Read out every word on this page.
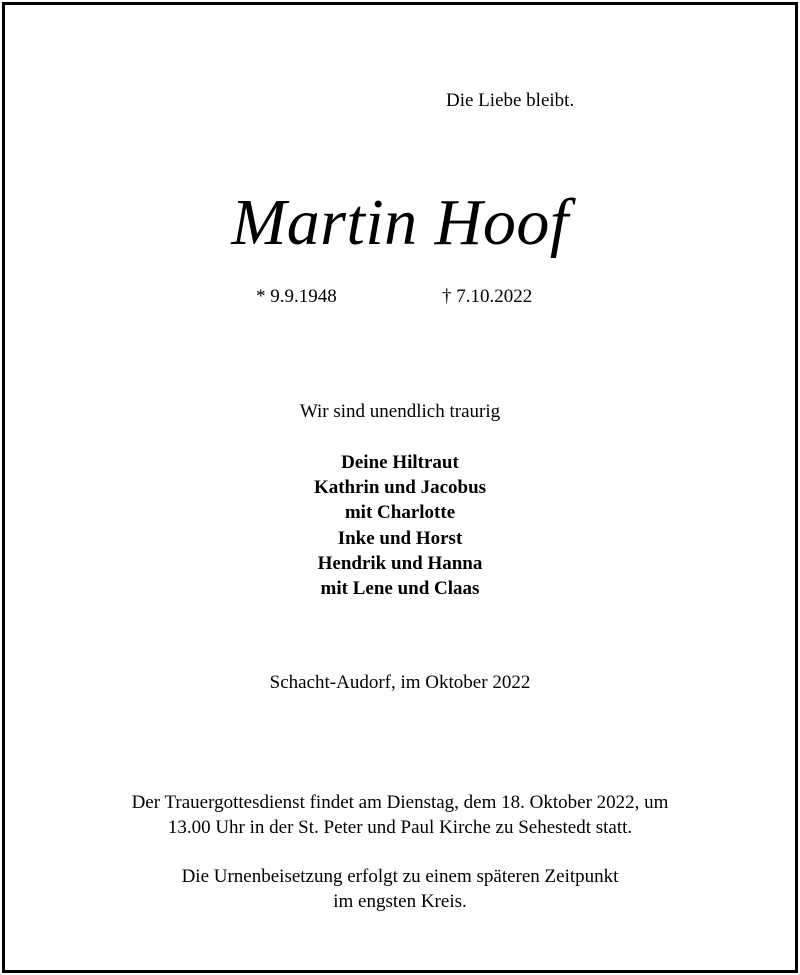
Die Liebe bleibt.
Martin Hoof
* 9.9.1948	† 7.10.2022
Wir sind unendlich traurig
Deine Hiltraut
Kathrin und Jacobus
mit Charlotte
Inke und Horst
Hendrik und Hanna
mit Lene und Claas
Schacht-Audorf, im Oktober 2022
Der Trauergottesdienst findet am Dienstag, dem 18. Oktober 2022, um
13.00 Uhr in der St. Peter und Paul Kirche zu Sehestedt statt.
Die Urnenbeisetzung erfolgt zu einem späteren Zeitpunkt
im engsten Kreis.
